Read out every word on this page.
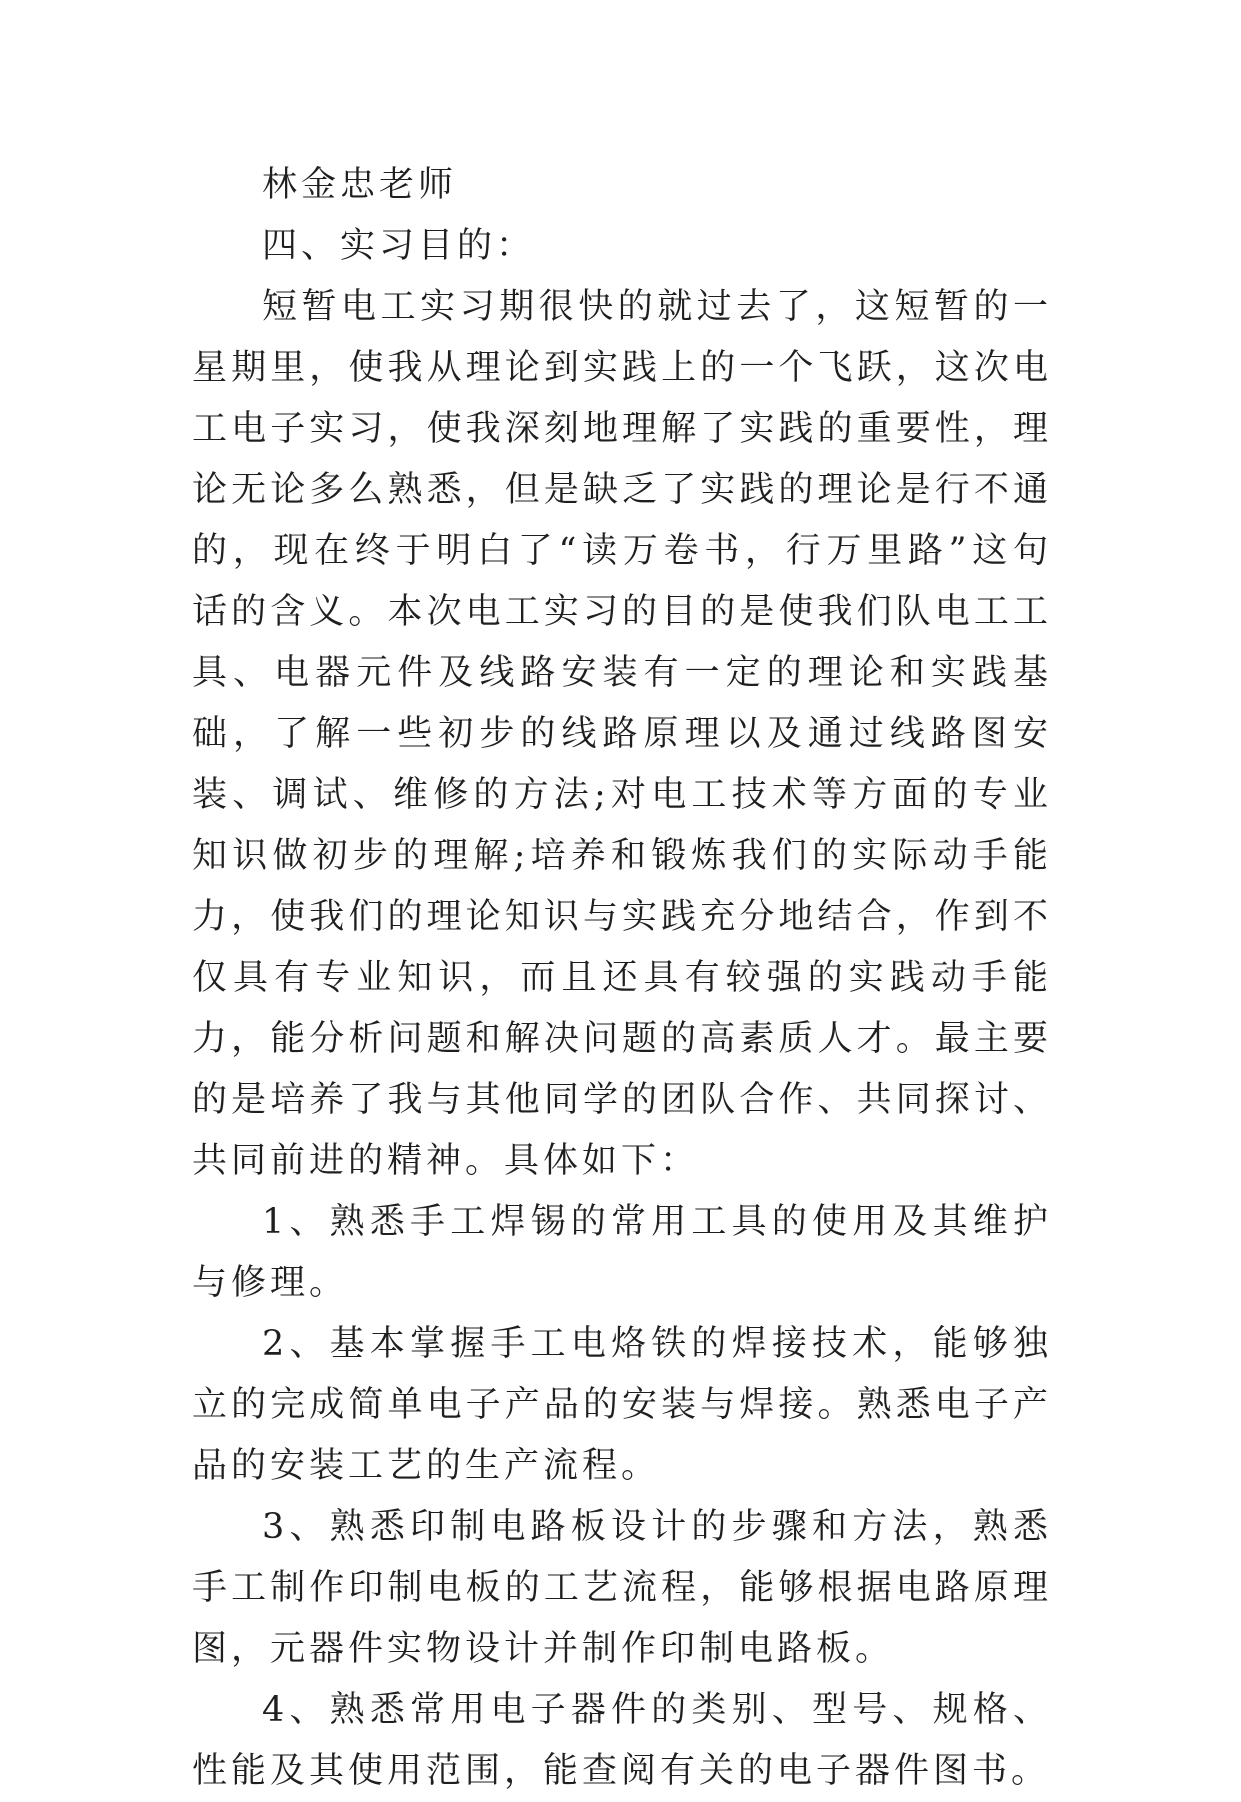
林金忠老师

四、实习目的：

短暂电工实习期很快的就过去了，这短暂的一星期里，使我从理论到实践上的一个飞跃，这次电工电子实习，使我深刻地理解了实践的重要性，理论无论多么熟悉，但是缺乏了实践的理论是行不通的，现在终于明白了“读万卷书，行万里路”这句话的含义。本次电工实习的目的是使我们队电工工具、电器元件及线路安装有一定的理论和实践基础，了解一些初步的线路原理以及通过线路图安装、调试、维修的方法;对电工技术等方面的专业知识做初步的理解;培养和锻炼我们的实际动手能力，使我们的理论知识与实践充分地结合，作到不仅具有专业知识，而且还具有较强的实践动手能力，能分析问题和解决问题的高素质人才。最主要的是培养了我与其他同学的团队合作、共同探讨、共同前进的精神。具体如下：

1、熟悉手工焊锡的常用工具的使用及其维护与修理。

2、基本掌握手工电烙铁的焊接技术，能够独立的完成简单电子产品的安装与焊接。熟悉电子产品的安装工艺的生产流程。

3、熟悉印制电路板设计的步骤和方法，熟悉手工制作印制电板的工艺流程，能够根据电路原理图，元器件实物设计并制作印制电路板。

4、熟悉常用电子器件的类别、型号、规格、性能及其使用范围，能查阅有关的电子器件图书。
